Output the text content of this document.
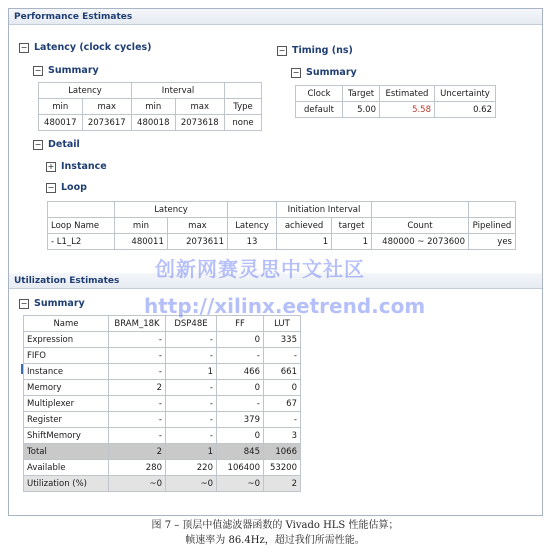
Performance Estimates
− Latency (clock cycles)
− Summary
Latency		Interval		
min	max	min	max	Type
480017	2073617	480018	2073618	none
− Timing (ns)
− Summary
Clock	Target	Estimated	Uncertainty
default	5.00	5.58	0.62
− Detail
+ Instance
− Loop
	Latency			Initiation Interval			
Loop Name	min	max	Latency	achieved	target	Count	Pipelined
- L1_L2	480011	2073611	13	1	1	480000 ~ 2073600	yes
Utilization Estimates
− Summary
Name	BRAM_18K	DSP48E	FF	LUT
Expression	-	-	0	335
FIFO	-	-	-	-
Instance	-	1	466	661
Memory	2	-	0	0
Multiplexer	-	-	-	67
Register	-	-	379	-
ShiftMemory	-	-	0	3
Total	2	1	845	1066
Available	280	220	106400	53200
Utilization (%)	~0	~0	~0	2
创新网赛灵思中文社区
http://xilinx.eetrend.com
图 7 – 顶层中值滤波器函数的 Vivado HLS 性能估算；
帧速率为 86.4Hz，超过我们所需性能。
